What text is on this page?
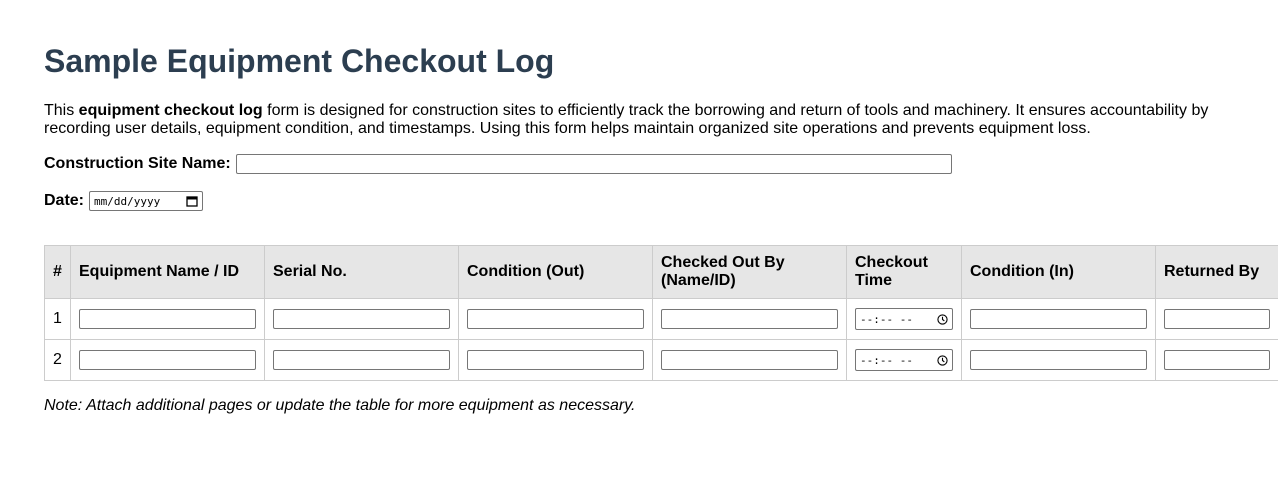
Sample Equipment Checkout Log

This equipment checkout log form is designed for construction sites to efficiently track the borrowing and return of tools and machinery. It ensures accountability by recording user details, equipment condition, and timestamps. Using this form helps maintain organized site operations and prevents equipment loss.

Construction Site Name:
Date: mm/dd/yyyy
#	Equipment Name / ID	Serial No.	Condition (Out)	Checked Out By (Name/ID)	Checkout Time	Condition (In)	Returned By
1					--:-- --

2					--:-- --

Note: Attach additional pages or update the table for more equipment as necessary.
